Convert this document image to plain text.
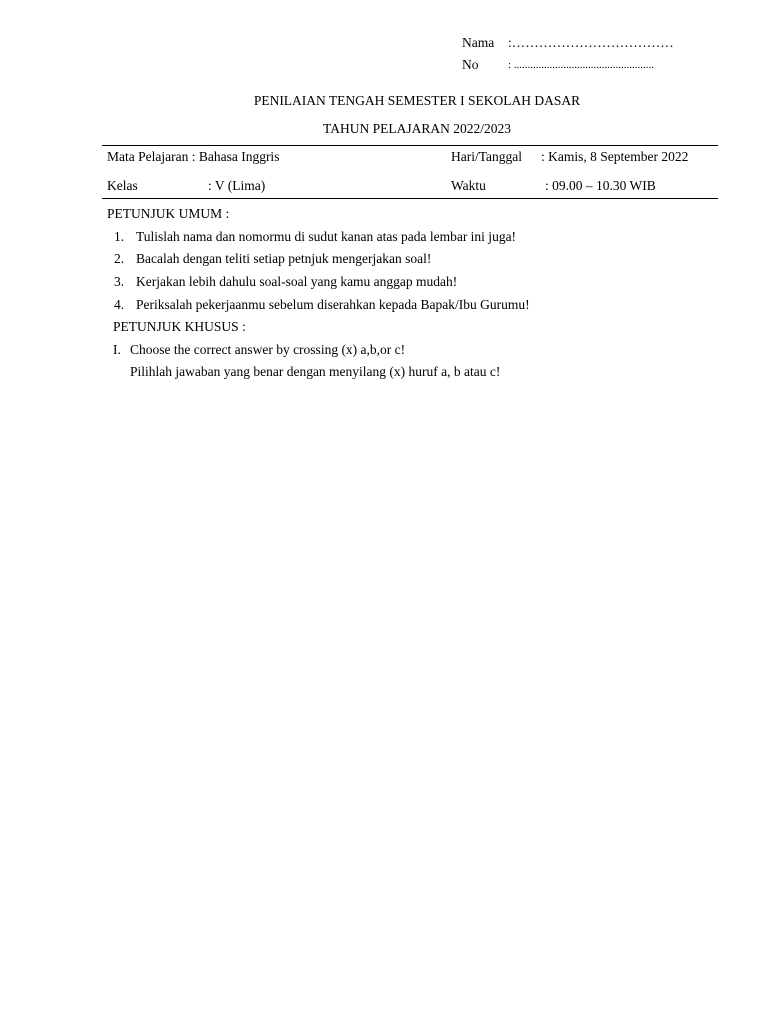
Nama :………………………………
No	: ...................................................
PENILAIAN TENGAH SEMESTER I SEKOLAH DASAR
TAHUN PELAJARAN 2022/2023
Mata Pelajaran : Bahasa Inggris	Hari/Tanggal : Kamis, 8 September 2022
Kelas	: V (Lima)	Waktu	: 09.00 – 10.30 WIB
PETUNJUK UMUM :
1. Tulislah nama dan nomormu di sudut kanan atas pada lembar ini juga!
2. Bacalah dengan teliti setiap petnjuk mengerjakan soal!
3. Kerjakan lebih dahulu soal-soal yang kamu anggap mudah!
4. Periksalah pekerjaanmu sebelum diserahkan kepada Bapak/Ibu Gurumu!
PETUNJUK KHUSUS :
I. Choose the correct answer by crossing (x) a,b,or c!
Pilihlah jawaban yang benar dengan menyilang (x) huruf a, b atau c!
